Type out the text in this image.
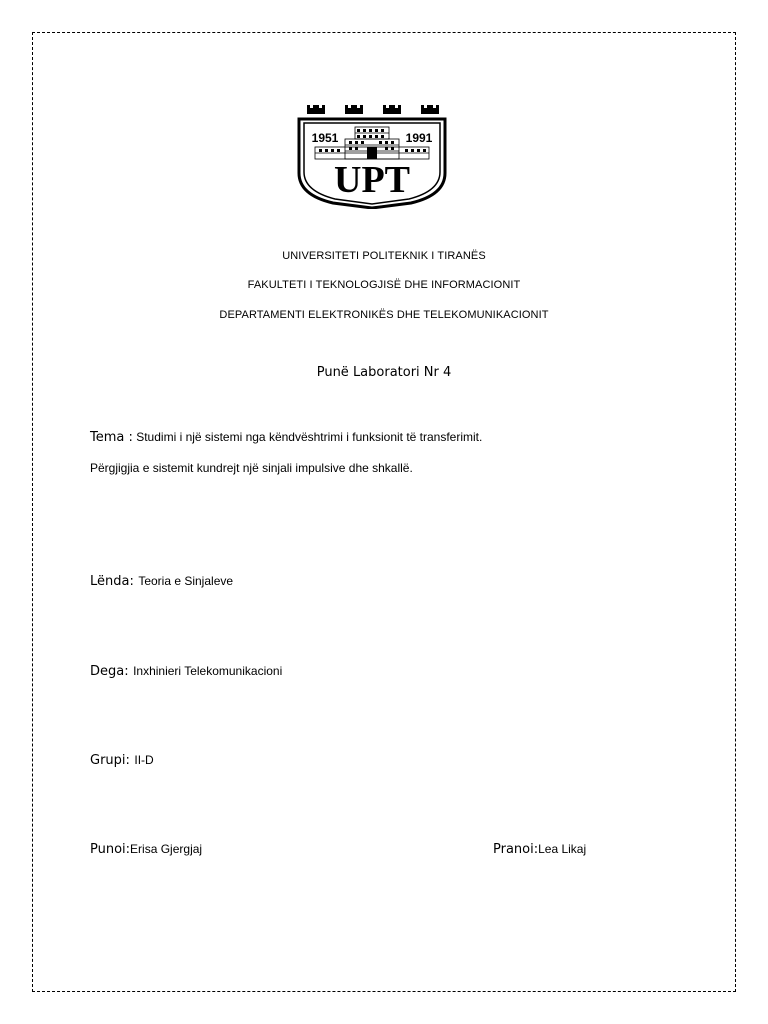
1951	1991
UPT
UNIVERSITETI POLITEKNIK I TIRANËS
FAKULTETI I TEKNOLOGJISË DHE INFORMACIONIT
DEPARTAMENTI ELEKTRONIKËS DHE TELEKOMUNIKACIONIT
Punë Laboratori Nr 4
Tema : Studimi i një sistemi nga këndvështrimi i funksionit të transferimit. Përgjigjia e sistemit kundrejt një sinjali impulsive dhe shkallë.
Lënda: Teoria e Sinjaleve
Dega: Inxhinieri Telekomunikacioni
Grupi: II-D
Punoi:Erisa Gjergjaj	Pranoi:Lea Likaj
